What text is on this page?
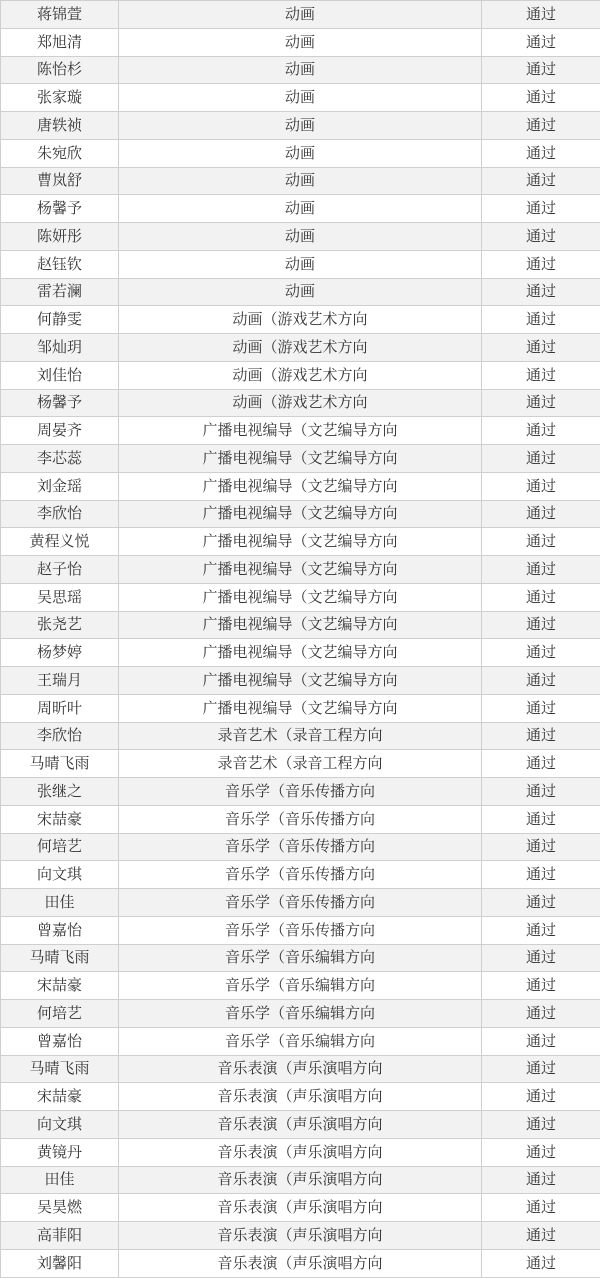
蒋锦萱	动画	通过
郑旭清	动画	通过
陈怡杉	动画	通过
张家璇	动画	通过
唐轶祯	动画	通过
朱宛欣	动画	通过
曹岚舒	动画	通过
杨馨予	动画	通过
陈妍彤	动画	通过
赵钰钦	动画	通过
雷若澜	动画	通过
何静雯	动画（游戏艺术方向	通过
邹灿玥	动画（游戏艺术方向	通过
刘佳怡	动画（游戏艺术方向	通过
杨馨予	动画（游戏艺术方向	通过
周晏齐	广播电视编导（文艺编导方向	通过
李芯蕊	广播电视编导（文艺编导方向	通过
刘金瑶	广播电视编导（文艺编导方向	通过
李欣怡	广播电视编导（文艺编导方向	通过
黄程义悦	广播电视编导（文艺编导方向	通过
赵子怡	广播电视编导（文艺编导方向	通过
吴思瑶	广播电视编导（文艺编导方向	通过
张尧艺	广播电视编导（文艺编导方向	通过
杨梦婷	广播电视编导（文艺编导方向	通过
王瑞月	广播电视编导（文艺编导方向	通过
周昕叶	广播电视编导（文艺编导方向	通过
李欣怡	录音艺术（录音工程方向	通过
马晴飞雨	录音艺术（录音工程方向	通过
张继之	音乐学（音乐传播方向	通过
宋喆豪	音乐学（音乐传播方向	通过
何培艺	音乐学（音乐传播方向	通过
向文琪	音乐学（音乐传播方向	通过
田佳	音乐学（音乐传播方向	通过
曾嘉怡	音乐学（音乐传播方向	通过
马晴飞雨	音乐学（音乐编辑方向	通过
宋喆豪	音乐学（音乐编辑方向	通过
何培艺	音乐学（音乐编辑方向	通过
曾嘉怡	音乐学（音乐编辑方向	通过
马晴飞雨	音乐表演（声乐演唱方向	通过
宋喆豪	音乐表演（声乐演唱方向	通过
向文琪	音乐表演（声乐演唱方向	通过
黄镜丹	音乐表演（声乐演唱方向	通过
田佳	音乐表演（声乐演唱方向	通过
吴昊燃	音乐表演（声乐演唱方向	通过
高菲阳	音乐表演（声乐演唱方向	通过
刘馨阳	音乐表演（声乐演唱方向	通过
